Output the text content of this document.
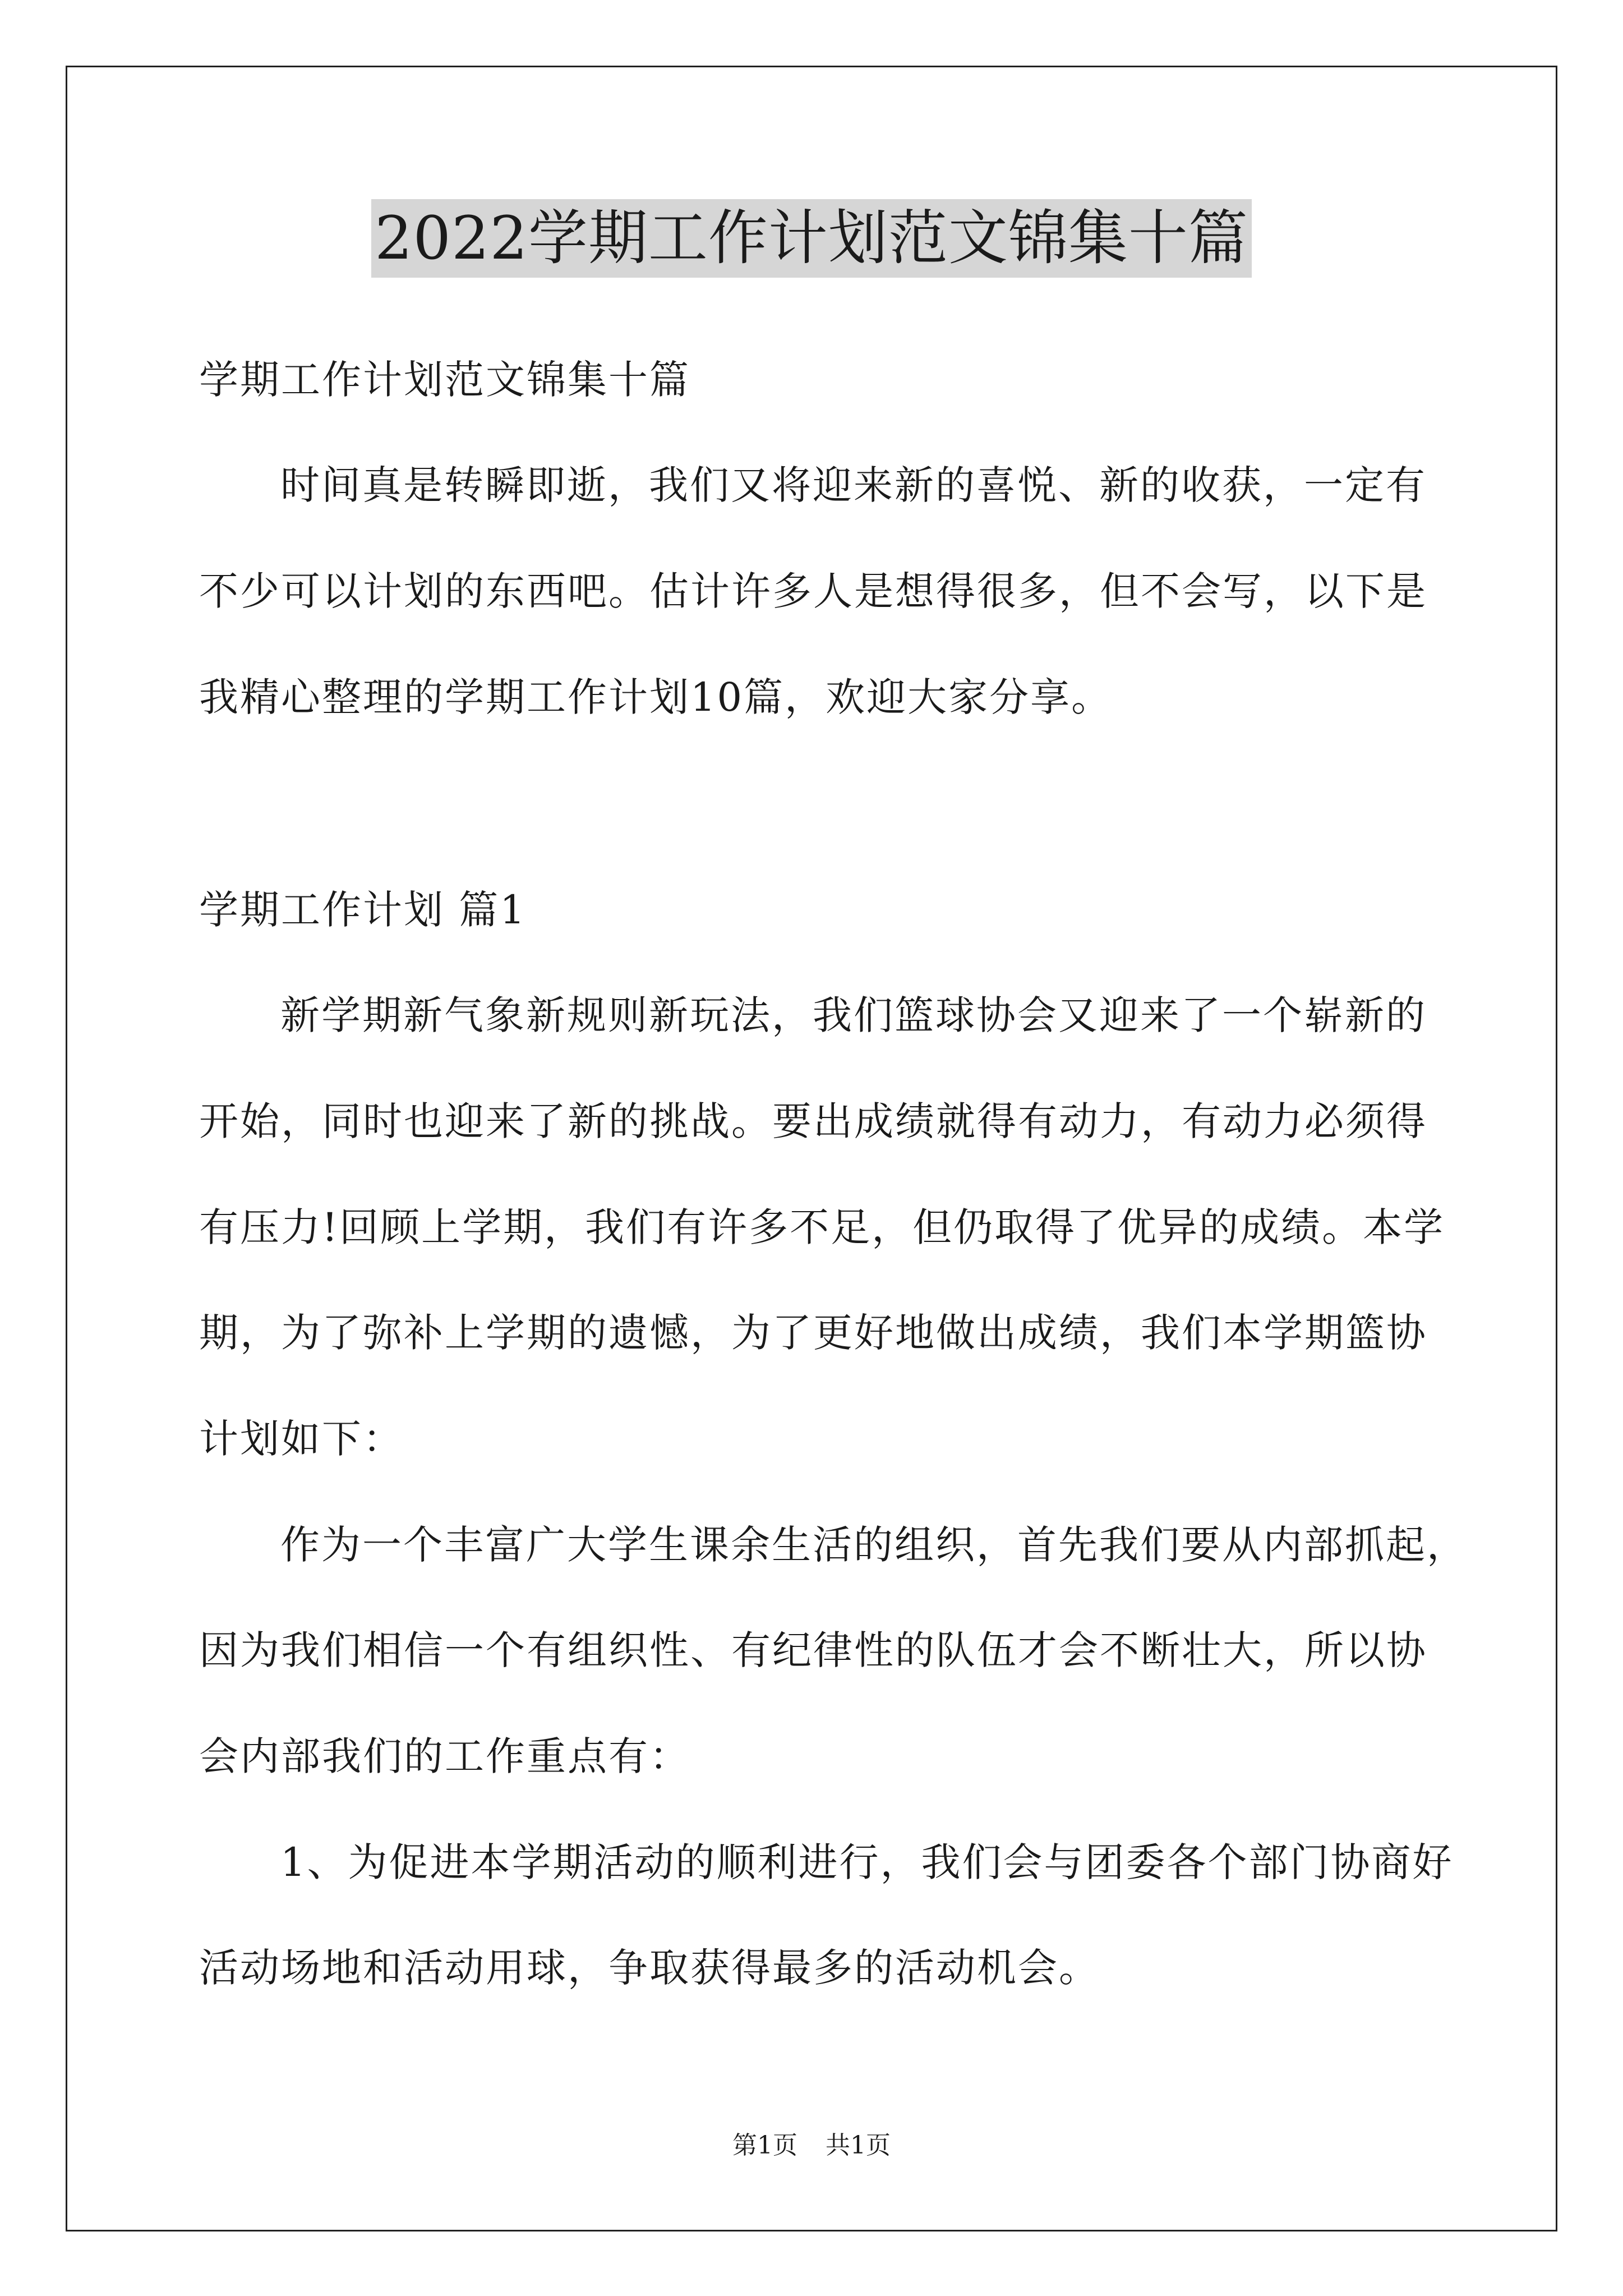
2022学期工作计划范文锦集十篇
学期工作计划范文锦集十篇
时间真是转瞬即逝，我们又将迎来新的喜悦、新的收获，一定有
不少可以计划的东西吧。估计许多人是想得很多，但不会写，以下是
我精心整理的学期工作计划10篇，欢迎大家分享。
学期工作计划 篇1
新学期新气象新规则新玩法，我们篮球协会又迎来了一个崭新的
开始，同时也迎来了新的挑战。要出成绩就得有动力，有动力必须得
有压力!回顾上学期，我们有许多不足，但仍取得了优异的成绩。本学
期，为了弥补上学期的遗憾，为了更好地做出成绩，我们本学期篮协
计划如下：
作为一个丰富广大学生课余生活的组织，首先我们要从内部抓起，
因为我们相信一个有组织性、有纪律性的队伍才会不断壮大，所以协
会内部我们的工作重点有：
1、为促进本学期活动的顺利进行，我们会与团委各个部门协商好
活动场地和活动用球，争取获得最多的活动机会。
第1页 共1页
